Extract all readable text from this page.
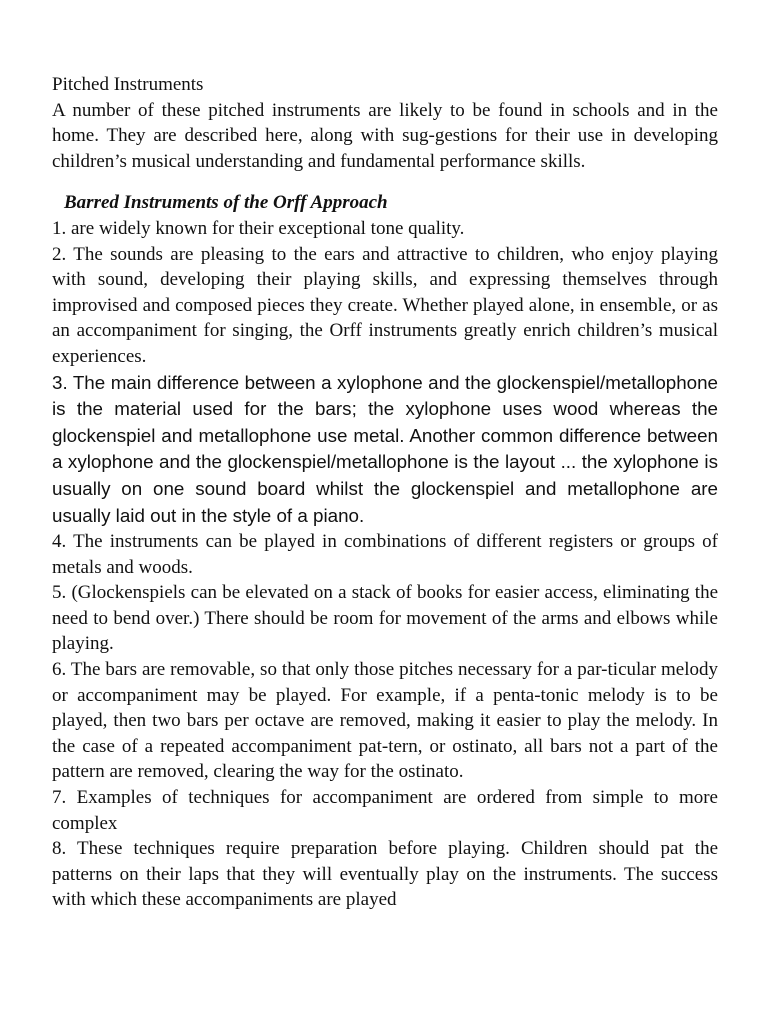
Pitched Instruments

A number of these pitched instruments are likely to be found in schools and in the home. They are described here, along with sug-gestions for their use in developing children’s musical understanding and fundamental performance skills.

Barred Instruments of the Orff Approach

1. are widely known for their exceptional tone quality.

2. The sounds are pleasing to the ears and attractive to children, who enjoy playing with sound, developing their playing skills, and expressing themselves through improvised and composed pieces they create. Whether played alone, in ensemble, or as an accompaniment for singing, the Orff instruments greatly enrich children’s musical experiences.

3. The main difference between a xylophone and the glockenspiel/metallophone is the material used for the bars; the xylophone uses wood whereas the glockenspiel and metallophone use metal. Another common difference between a xylophone and the glockenspiel/metallophone is the layout ... the xylophone is usually on one sound board whilst the glockenspiel and metallophone are usually laid out in the style of a piano.

4. The instruments can be played in combinations of different registers or groups of metals and woods.

5. (Glockenspiels can be elevated on a stack of books for easier access, eliminating the need to bend over.) There should be room for movement of the arms and elbows while playing.

6. The bars are removable, so that only those pitches necessary for a par-ticular melody or accompaniment may be played. For example, if a penta-tonic melody is to be played, then two bars per octave are removed, making it easier to play the melody. In the case of a repeated accompaniment pat-tern, or ostinato, all bars not a part of the pattern are removed, clearing the way for the ostinato.

7. Examples of techniques for accompaniment are ordered from simple to more complex

8. These techniques require preparation before playing. Children should pat the patterns on their laps that they will eventually play on the instruments. The success with which these accompaniments are played
